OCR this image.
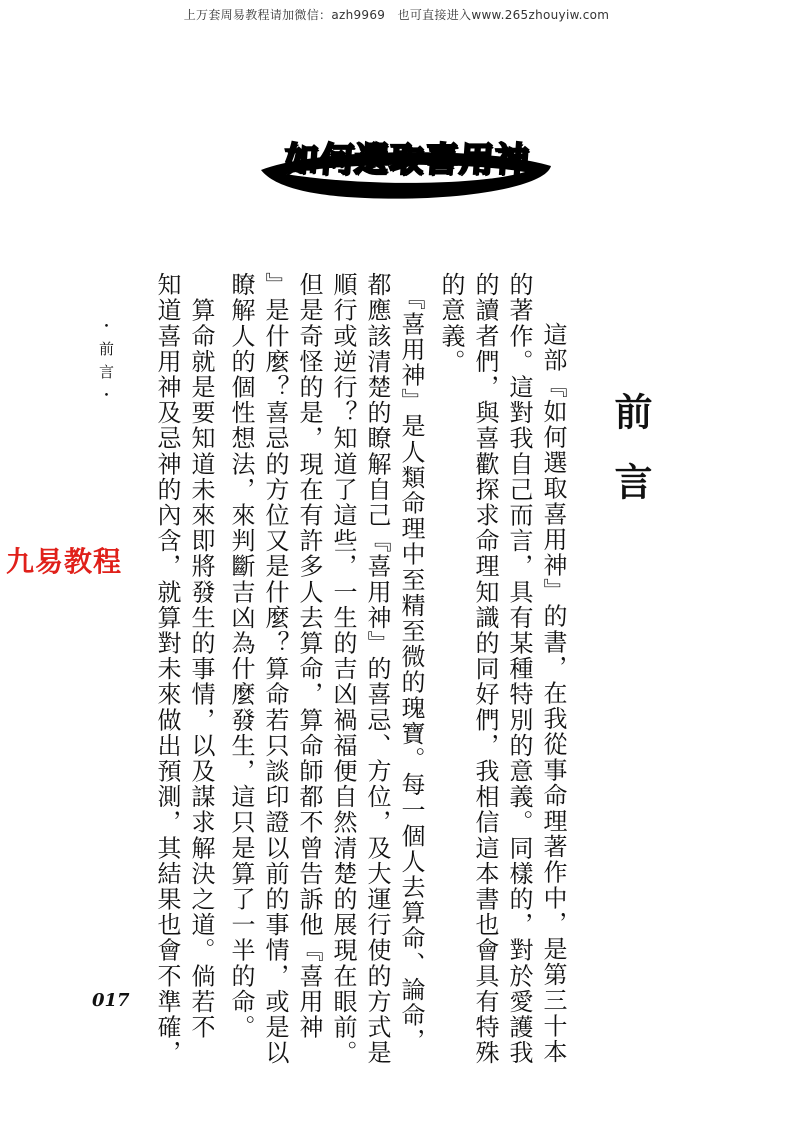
上万套周易教程请加微信：azh9969　也可直接进入www.265zhouyiw.com
如何選取喜用神
前言
這部『如何選取喜用神』的書，在我從事命理著作中，是第三十本
的著作。這對我自己而言，具有某種特別的意義。同樣的，對於愛護我
的讀者們，與喜歡探求命理知識的同好們，我相信這本書也會具有特殊
的意義。
　『喜用神』是人類命理中至精至微的瑰寶。每一個人去算命、論命，
都應該清楚的瞭解自己『喜用神』的喜忌、方位，及大運行使的方式是
順行或逆行？知道了這些，一生的吉凶禍福便自然清楚的展現在眼前。
但是奇怪的是，現在有許多人去算命，算命師都不曾告訴他『喜用神
』是什麼？喜忌的方位又是什麼？算命若只談印證以前的事情，或是以
瞭解人的個性想法，來判斷吉凶為什麼發生，這只是算了一半的命。
　算命就是要知道未來即將發生的事情，以及謀求解決之道。倘若不
知道喜用神及忌神的內含，就算對未來做出預測，其結果也會不準確，
・前言・
九易教程
017
